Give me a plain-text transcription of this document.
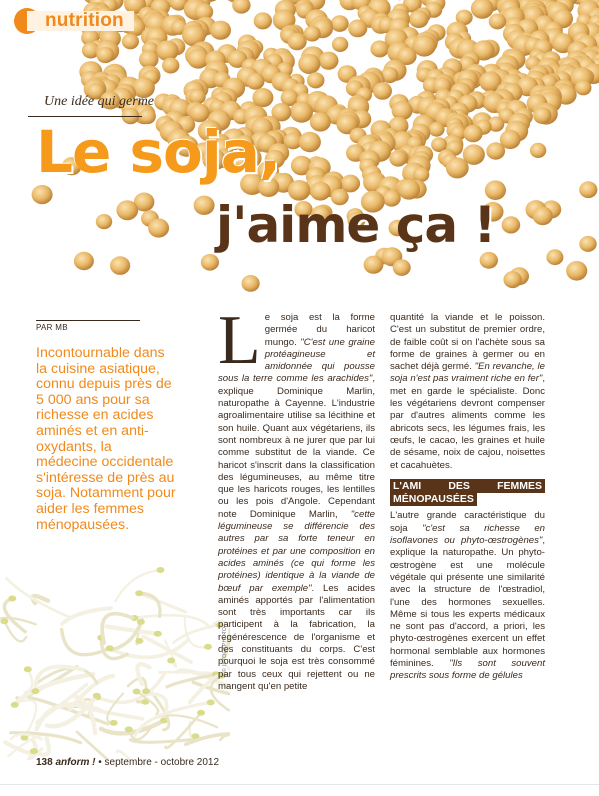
nutrition
Une idée qui germe
Le soja,
j'aime ça !
PAR MB
Incontournable dans la cuisine asiatique, connu depuis près de 5 000 ans pour sa richesse en acides aminés et en anti-oxydants, la médecine occidentale s'intéresse de près au soja. Notamment pour aider les femmes ménopausées.

Le soja est la forme germée du haricot mungo. "C'est une graine protéagineuse et amidonnée qui pousse sous la terre comme les arachides", explique Dominique Marlin, naturopathe à Cayenne. L'industrie agroalimentaire utilise sa lécithine et son huile. Quant aux végétariens, ils sont nombreux à ne jurer que par lui comme substitut de la viande. Ce haricot s'inscrit dans la classification des légumineuses, au même titre que les haricots rouges, les lentilles ou les pois d'Angole. Cependant note Dominique Marlin, "cette légumineuse se différencie des autres par sa forte teneur en protéines et par une composition en acides aminés (ce qui forme les protéines) identique à la viande de bœuf par exemple". Les acides aminés apportés par l'alimentation sont très importants car ils participent à la fabrication, la régénérescence de l'organisme et des constituants du corps. C'est pourquoi le soja est très consommé par tous ceux qui rejettent ou ne mangent qu'en petite

quantité la viande et le poisson. C'est un substitut de premier ordre, de faible coût si on l'achète sous sa forme de graines à germer ou en sachet déjà germé. "En revanche, le soja n'est pas vraiment riche en fer", met en garde le spécialiste. Donc les végétariens devront compenser par d'autres aliments comme les abricots secs, les légumes frais, les œufs, le cacao, les graines et huile de sésame, noix de cajou, noisettes et cacahuètes.

L'AMI DES FEMMES MÉNOPAUSÉES

L'autre grande caractéristique du soja "c'est sa richesse en isoflavones ou phyto-œstrogènes", explique la naturopathe. Un phyto-œstrogène est une molécule végétale qui présente une similarité avec la structure de l'œstradiol, l'une des hormones sexuelles. Même si tous les experts médicaux ne sont pas d'accord, a priori, les phyto-œstrogènes exercent un effet hormonal semblable aux hormones féminines. "Ils sont souvent prescrits sous forme de gélules

© ISTOCKPHOTO
138 anform ! • septembre - octobre 2012
